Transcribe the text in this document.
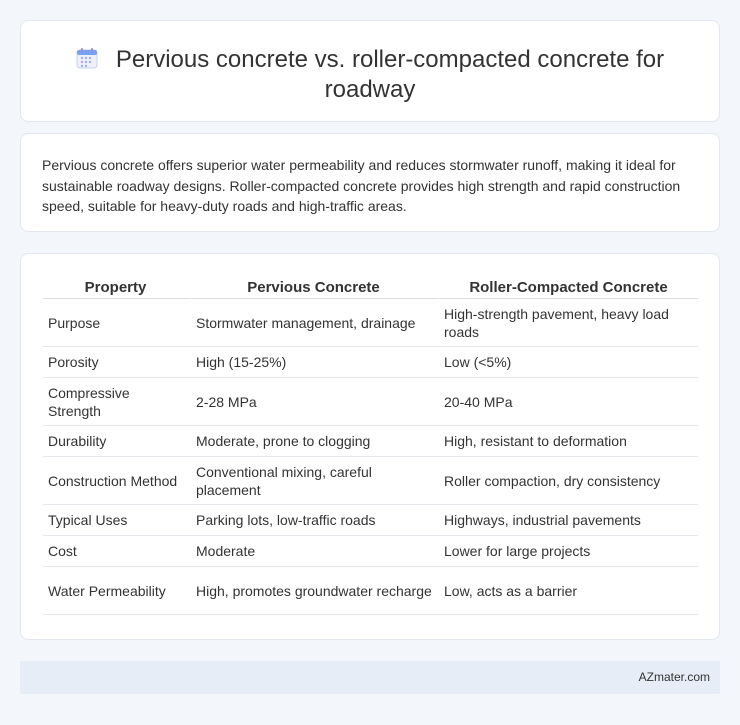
Pervious concrete vs. roller-compacted concrete for roadway

Pervious concrete offers superior water permeability and reduces stormwater runoff, making it ideal for sustainable roadway designs. Roller-compacted concrete provides high strength and rapid construction speed, suitable for heavy-duty roads and high-traffic areas.

Property		Pervious Concrete		Roller-Compacted Concrete
Purpose		Stormwater management, drainage		High-strength pavement, heavy load roads
Porosity		High (15-25%)		Low (<5%)
Compressive Strength		2-28 MPa		20-40 MPa
Durability		Moderate, prone to clogging		High, resistant to deformation
Construction Method		Conventional mixing, careful placement		Roller compaction, dry consistency
Typical Uses		Parking lots, low-traffic roads		Highways, industrial pavements
Cost		Moderate		Lower for large projects
Water Permeability		High, promotes groundwater recharge		Low, acts as a barrier
AZmater.com
